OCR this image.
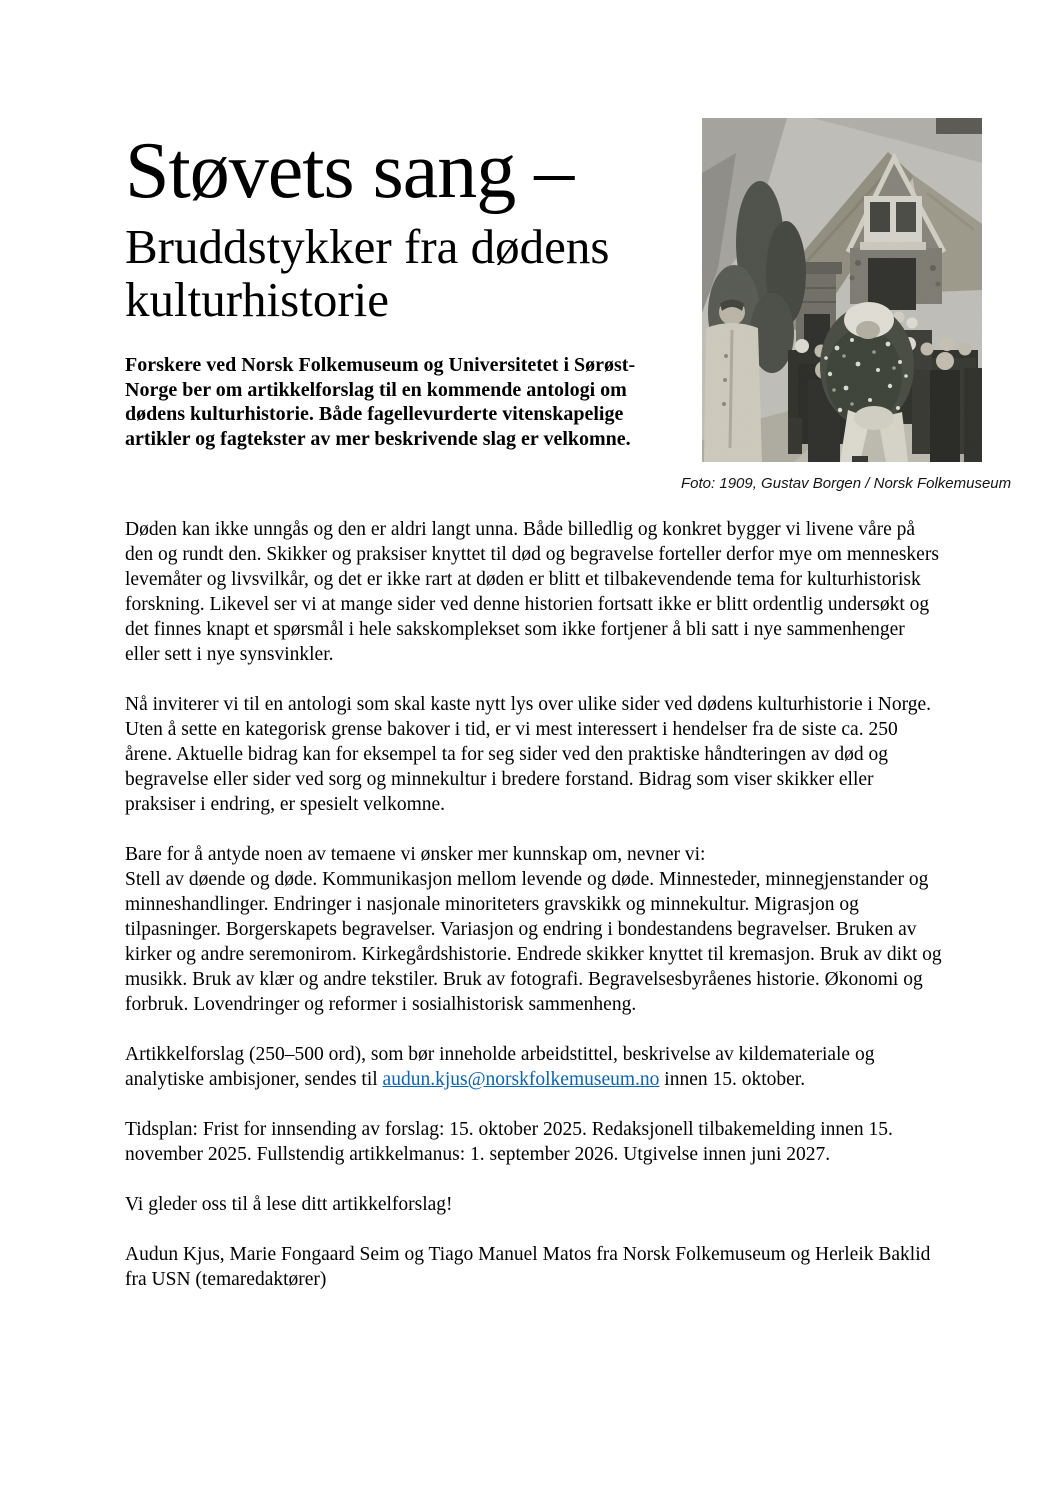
Støvets sang –
Bruddstykker fra dødens kulturhistorie
Forskere ved Norsk Folkemuseum og Universitetet i Sørøst-Norge ber om artikkelforslag til en kommende antologi om dødens kulturhistorie. Både fagellevurderte vitenskapelige artikler og fagtekster av mer beskrivende slag er velkomne.
Foto: 1909, Gustav Borgen / Norsk Folkemuseum

Døden kan ikke unngås og den er aldri langt unna. Både billedlig og konkret bygger vi livene våre på den og rundt den. Skikker og praksiser knyttet til død og begravelse forteller derfor mye om menneskers levemåter og livsvilkår, og det er ikke rart at døden er blitt et tilbakevendende tema for kulturhistorisk forskning. Likevel ser vi at mange sider ved denne historien fortsatt ikke er blitt ordentlig undersøkt og det finnes knapt et spørsmål i hele sakskomplekset som ikke fortjener å bli satt i nye sammenhenger eller sett i nye synsvinkler.

Nå inviterer vi til en antologi som skal kaste nytt lys over ulike sider ved dødens kulturhistorie i Norge. Uten å sette en kategorisk grense bakover i tid, er vi mest interessert i hendelser fra de siste ca. 250 årene. Aktuelle bidrag kan for eksempel ta for seg sider ved den praktiske håndteringen av død og begravelse eller sider ved sorg og minnekultur i bredere forstand. Bidrag som viser skikker eller praksiser i endring, er spesielt velkomne.

Bare for å antyde noen av temaene vi ønsker mer kunnskap om, nevner vi:
Stell av døende og døde. Kommunikasjon mellom levende og døde. Minnesteder, minnegjenstander og minneshandlinger. Endringer i nasjonale minoriteters gravskikk og minnekultur. Migrasjon og tilpasninger. Borgerskapets begravelser. Variasjon og endring i bondestandens begravelser. Bruken av kirker og andre seremonirom. Kirkegårdshistorie. Endrede skikker knyttet til kremasjon. Bruk av dikt og musikk. Bruk av klær og andre tekstiler. Bruk av fotografi. Begravelsesbyråenes historie. Økonomi og forbruk. Lovendringer og reformer i sosialhistorisk sammenheng.

Artikkelforslag (250–500 ord), som bør inneholde arbeidstittel, beskrivelse av kildemateriale og analytiske ambisjoner, sendes til audun.kjus@norskfolkemuseum.no innen 15. oktober.

Tidsplan: Frist for innsending av forslag: 15. oktober 2025. Redaksjonell tilbakemelding innen 15. november 2025. Fullstendig artikkelmanus: 1. september 2026. Utgivelse innen juni 2027.

Vi gleder oss til å lese ditt artikkelforslag!

Audun Kjus, Marie Fongaard Seim og Tiago Manuel Matos fra Norsk Folkemuseum og Herleik Baklid fra USN (temaredaktører)
